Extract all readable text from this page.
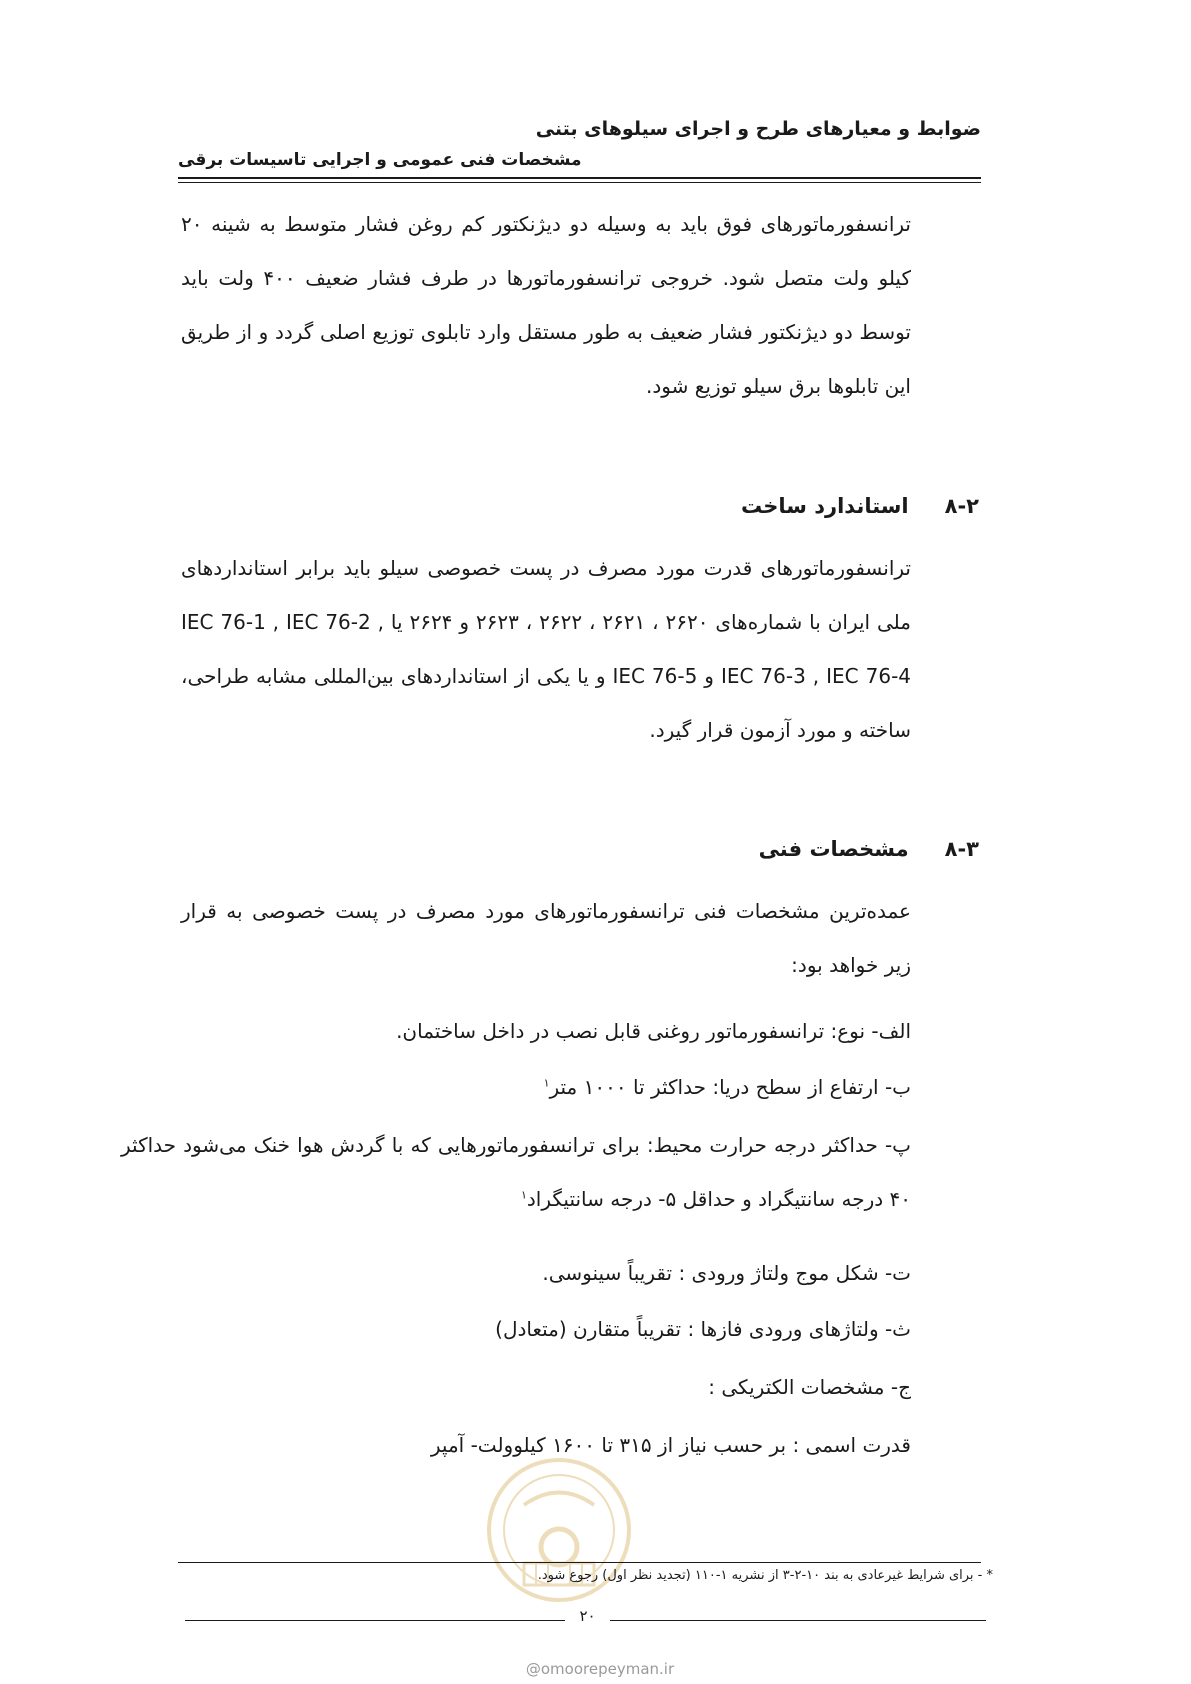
ضوابط و معیارهای طرح و اجرای سیلوهای بتنی
مشخصات فنی عمومی و اجرایی تاسیسات برقی
ترانسفورماتورهای فوق باید به وسیله دو دیژنکتور کم روغن فشار متوسط به شینه ۲۰ کیلو ولت متصل شود. خروجی ترانسفورماتورها در طرف فشار ضعیف ۴۰۰ ولت باید توسط دو دیژنکتور فشار ضعیف به طور مستقل وارد تابلوی توزیع اصلی گردد و از طریق این تابلوها برق سیلو توزیع شود.
۸-۲استاندارد ساخت
ترانسفورماتورهای قدرت مورد مصرف در پست خصوصی سیلو باید برابر استانداردهای ملی ایران با شماره‌های ۲۶۲۰ ، ۲۶۲۱ ، ۲۶۲۲ ، ۲۶۲۳ و ۲۶۲۴ یا IEC 76-1 , IEC 76-2 , IEC 76-3 , IEC 76-4 و IEC 76-5 و یا یکی از استانداردهای بین‌المللی مشابه طراحی، ساخته و مورد آزمون قرار گیرد.
۸-۳مشخصات فنی
عمده‌ترین مشخصات فنی ترانسفورماتورهای مورد مصرف در پست خصوصی به قرار زیر خواهد بود:
الف- نوع: ترانسفورماتور روغنی قابل نصب در داخل ساختمان.
ب- ارتفاع از سطح دریا: حداکثر تا ۱۰۰۰ متر$^۱$
پ- حداکثر درجه حرارت محیط: برای ترانسفورماتورهایی که با گردش هوا خنک می‌شود حداکثر ۴۰ درجه سانتیگراد و حداقل ۵- درجه سانتیگراد$^۱$
ت- شکل موج ولتاژ ورودی : تقریباً سینوسی.
ث- ولتاژهای ورودی فازها : تقریباً متقارن (متعادل)
ج- مشخصات الکتریکی :
قدرت اسمی : بر حسب نیاز از ۳۱۵ تا ۱۶۰۰ کیلوولت- آمپر
* - برای شرایط غیرعادی به بند ۱۰-۲-۳ از نشریه ۱-۱۱۰ (تجدید نظر اول) رجوع شود.
۲۰
@omoorepeyman.ir
